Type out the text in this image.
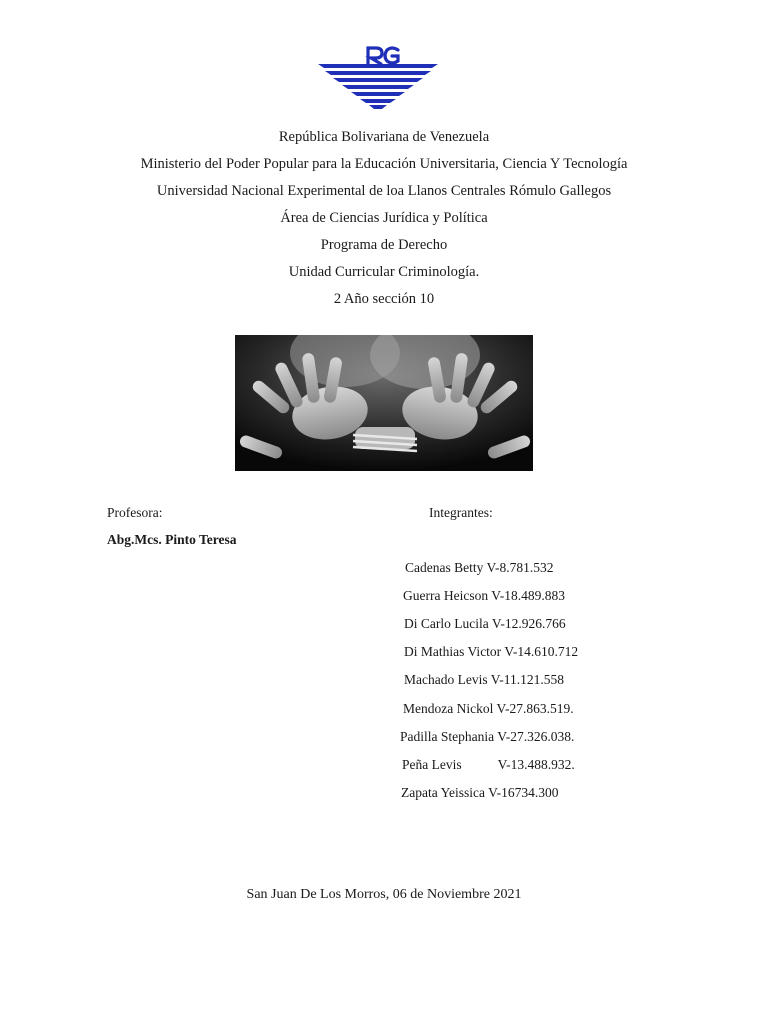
República Bolivariana de Venezuela
Ministerio del Poder Popular para la Educación Universitaria, Ciencia Y Tecnología
Universidad Nacional Experimental de loa Llanos Centrales Rómulo Gallegos
Área de Ciencias Jurídica y Política
Programa de Derecho
Unidad Curricular Criminología.
2 Año sección 10
Profesora:
Abg.Mcs. Pinto Teresa
Integrantes:
Cadenas Betty V-8.781.532
Guerra Heicson V-18.489.883
Di Carlo Lucila V-12.926.766
Di Mathias Victor V-14.610.712
Machado Levis V-11.121.558
Mendoza Nickol V-27.863.519.
Padilla Stephania V-27.326.038.
Peña Levis	V-13.488.932.
Zapata Yeissica V-16734.300
San Juan De Los Morros, 06 de Noviembre 2021
